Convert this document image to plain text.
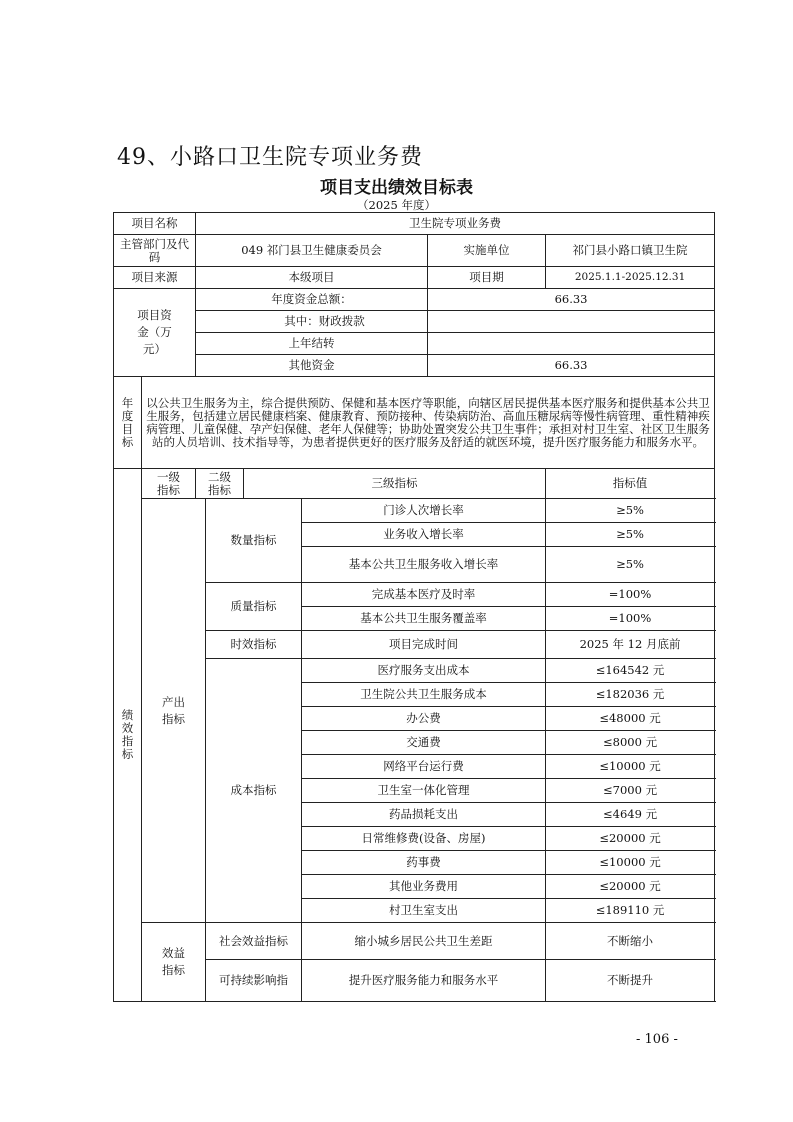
49、小路口卫生院专项业务费
项目支出绩效目标表
（2025 年度）
项目名称		卫生院专项业务费					
主管部门及代码		049 祁门县卫生健康委员会				实施单位	祁门县小路口镇卫生院
项目来源		本级项目				项目期	2025.1.1-2025.12.31
项目资金（万元）		年度资金总额：				66.33	
		其中：财政拨款					
		上年结转					
		其他资金				66.33	
年度目标	以公共卫生服务为主，综合提供预防、保健和基本医疗等职能，向辖区居民提供基本医疗服务和提供基本公共卫生服务，包括建立居民健康档案、健康教育、预防接种、传染病防治、高血压糖尿病等慢性病管理、重性精神疾病管理、儿童保健、孕产妇保健、老年人保健等；协助处置突发公共卫生事件；承担对村卫生室、社区卫生服务站的人员培训、技术指导等，为患者提供更好的医疗服务及舒适的就医环境，提升医疗服务能力和服务水平。						
绩效指标	一级指标	二级指标		三级指标			指标值
	产出指标		数量指标		门诊人次增长率		≥5%
					业务收入增长率		≥5%
					基本公共卫生服务收入增长率		≥5%
			质量指标		完成基本医疗及时率		=100%
					基本公共卫生服务覆盖率		=100%
			时效指标		项目完成时间		2025 年 12 月底前
			成本指标		医疗服务支出成本		≤164542 元
					卫生院公共卫生服务成本		≤182036 元
					办公费		≤48000 元
					交通费		≤8000 元
					网络平台运行费		≤10000 元
					卫生室一体化管理		≤7000 元
					药品损耗支出		≤4649 元
					日常维修费(设备、房屋)		≤20000 元
					药事费		≤10000 元
					其他业务费用		≤20000 元
					村卫生室支出		≤189110 元
	效益指标		社会效益指标		缩小城乡居民公共卫生差距		不断缩小
			可持续影响指		提升医疗服务能力和服务水平		不断提升
- 106 -
